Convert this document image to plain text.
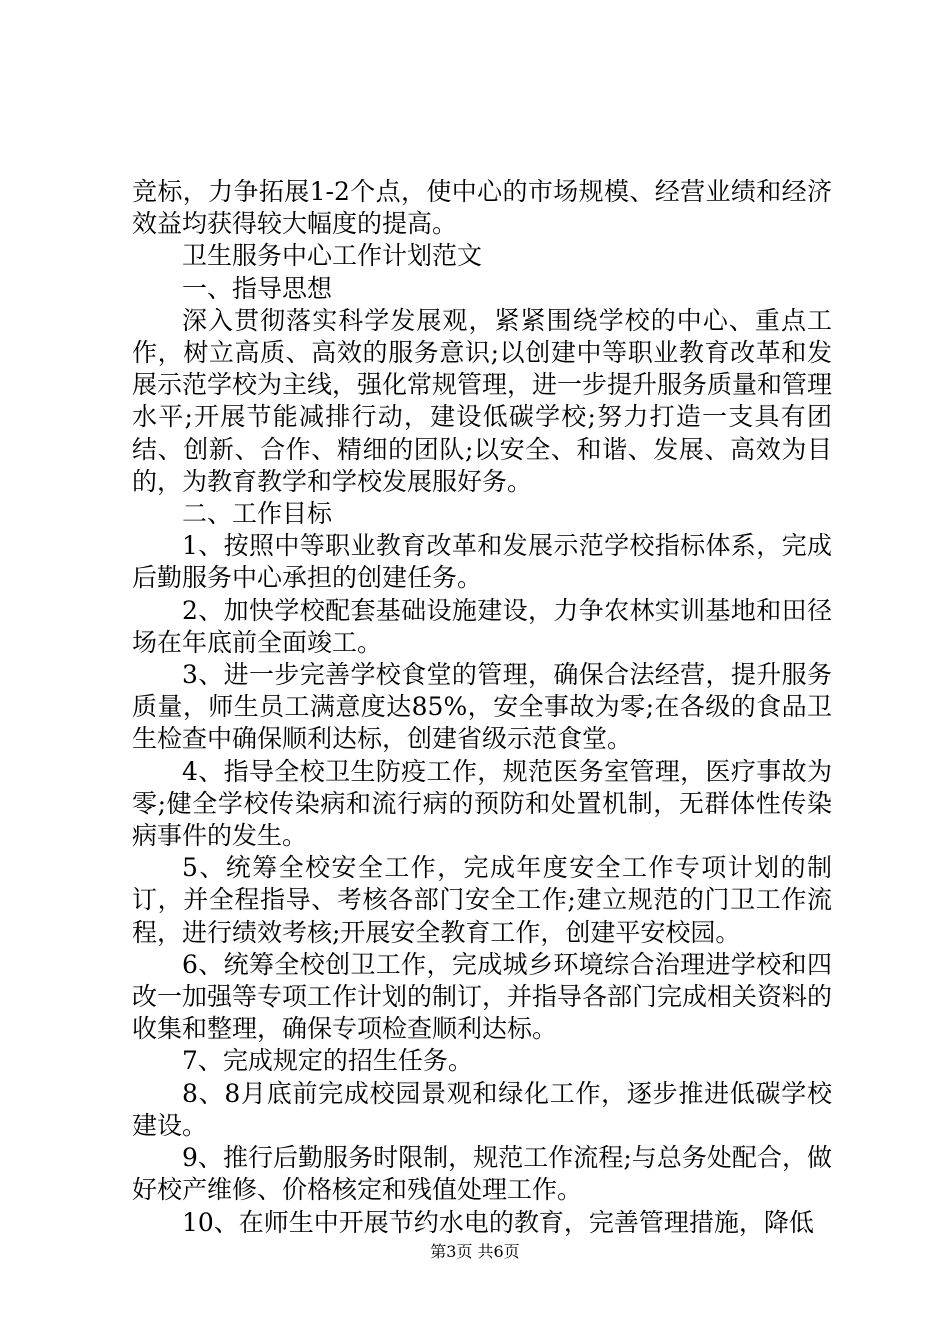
竞标，力争拓展1-2个点，使中心的市场规模、经营业绩和经济效益均获得较大幅度的提高。

卫生服务中心工作计划范文

一、指导思想

深入贯彻落实科学发展观，紧紧围绕学校的中心、重点工作，树立高质、高效的服务意识;以创建中等职业教育改革和发展示范学校为主线，强化常规管理，进一步提升服务质量和管理水平;开展节能减排行动，建设低碳学校;努力打造一支具有团结、创新、合作、精细的团队;以安全、和谐、发展、高效为目的，为教育教学和学校发展服好务。

二、工作目标

1、按照中等职业教育改革和发展示范学校指标体系，完成后勤服务中心承担的创建任务。

2、加快学校配套基础设施建设，力争农林实训基地和田径场在年底前全面竣工。

3、进一步完善学校食堂的管理，确保合法经营，提升服务质量，师生员工满意度达85%，安全事故为零;在各级的食品卫生检查中确保顺利达标，创建省级示范食堂。

4、指导全校卫生防疫工作，规范医务室管理，医疗事故为零;健全学校传染病和流行病的预防和处置机制，无群体性传染病事件的发生。

5、统筹全校安全工作，完成年度安全工作专项计划的制订，并全程指导、考核各部门安全工作;建立规范的门卫工作流程，进行绩效考核;开展安全教育工作，创建平安校园。

6、统筹全校创卫工作，完成城乡环境综合治理进学校和四改一加强等专项工作计划的制订，并指导各部门完成相关资料的收集和整理，确保专项检查顺利达标。

7、完成规定的招生任务。

8、8月底前完成校园景观和绿化工作，逐步推进低碳学校建设。

9、推行后勤服务时限制，规范工作流程;与总务处配合，做好校产维修、价格核定和残值处理工作。

10、在师生中开展节约水电的教育，完善管理措施，降低

第3页 共6页
